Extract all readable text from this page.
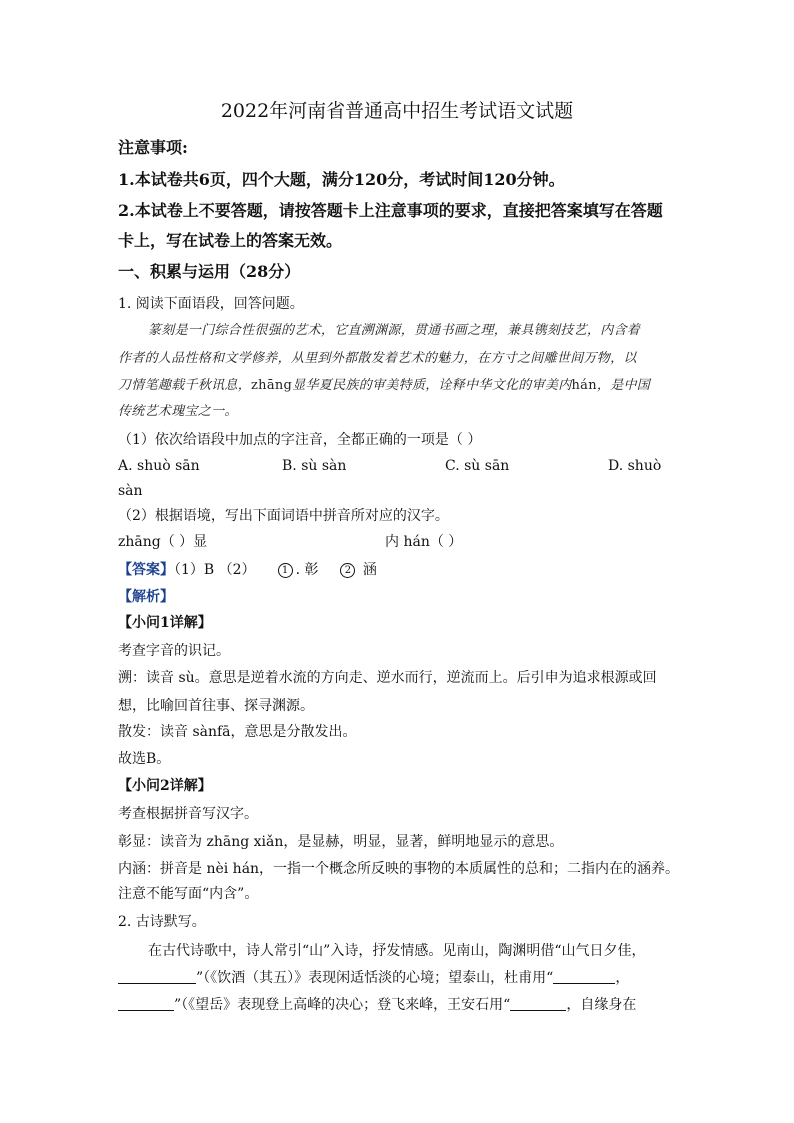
2022年河南省普通高中招生考试语文试题
注意事项:
1.本试卷共6页，四个大题，满分120分，考试时间120分钟。
2.本试卷上不要答题，请按答题卡上注意事项的要求，直接把答案填写在答题
卡上，写在试卷上的答案无效。
一、积累与运用（28分）
1. 阅读下面语段，回答问题。
篆刻是一门综合性很强的艺术，它直溯渊源，贯通书画之理，兼具镌刻技艺，内含着
作者的人品性格和文学修养，从里到外都散发着艺术的魅力，在方寸之间雕世间万物，以
刀情笔趣载千秋讯息，zhāng显华夏民族的审美特质，诠释中华文化的审美内hán，是中国
传统艺术瑰宝之一。
（1）依次给语段中加点的字注音，全都正确的一项是（ ）
A. shuò sān	B. sù sàn	C. sù sān	D. shuò
sàn
（2）根据语境，写出下面词语中拼音所对应的汉字。
zhāng（ ）显	内 hán（ ）
【答案】（1）B （2）	1 . 彰	2 涵
【解析】
【小问1详解】
考查字音的识记。
溯：读音 sù。意思是逆着水流的方向走、逆水而行，逆流而上。后引申为追求根源或回
想，比喻回首往事、探寻渊源。
散发：读音 sànfā，意思是分散发出。
故选B。
【小问2详解】
考查根据拼音写汉字。
彰显：读音为 zhāng xiǎn，是显赫，明显，显著，鲜明地显示的意思。
内涵：拼音是 nèi hán，一指一个概念所反映的事物的本质属性的总和；二指内在的涵养。
注意不能写面“内含”。
2. 古诗默写。
在古代诗歌中，诗人常引“山”入诗，抒发情感。见南山，陶渊明借“山气日夕佳，
”（《饮酒（其五）》表现闲适恬淡的心境；望泰山，杜甫用“	，
”（《望岳》表现登上高峰的决心；登飞来峰，王安石用“	，自缘身在
